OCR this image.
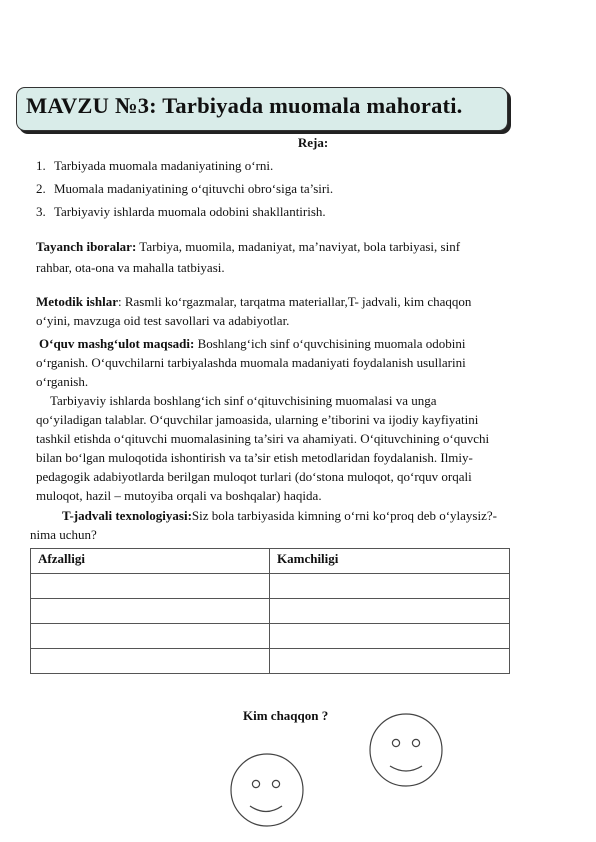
MAVZU №3: Tarbiyada muomala mahorati.
Reja:
1. Tarbiyada muomala madaniyatining o‘rni.
2. Muomala madaniyatining o‘qituvchi obro‘siga ta’siri.
3. Tarbiyaviy ishlarda muomala odobini shakllantirish.
Tayanch iboralar: Tarbiya, muomila, madaniyat, ma’naviyat, bola tarbiyasi, sinf
rahbar, ota-ona va mahalla tatbiyasi.
Metodik ishlar: Rasmli ko‘rgazmalar, tarqatma materiallar,T- jadvali, kim chaqqon
o‘yini, mavzuga oid test savollari va adabiyotlar.
O‘quv mashg‘ulot maqsadi: Boshlang‘ich sinf o‘quvchisining muomala odobini
o‘rganish. O‘quvchilarni tarbiyalashda muomala madaniyati foydalanish usullarini
o‘rganish.
Tarbiyaviy ishlarda boshlang‘ich sinf o‘qituvchisining muomalasi va unga
qo‘yiladigan talablar. O‘quvchilar jamoasida, ularning e’tiborini va ijodiy kayfiyatini
tashkil etishda o‘qituvchi muomalasining ta’siri va ahamiyati. O‘qituvchining o‘quvchi
bilan bo‘lgan muloqotida ishontirish va ta’sir etish metodlaridan foydalanish. Ilmiy-
pedagogik adabiyotlarda berilgan muloqot turlari (do‘stona muloqot, qo‘rquv orqali
muloqot, hazil – mutoyiba orqali va boshqalar) haqida.
T-jadvali texnologiyasi:Siz bola tarbiyasida kimning o‘rni ko‘proq deb o‘ylaysiz?-
nima uchun?
Afzalligi	Kamchiligi

Kim chaqqon ?
